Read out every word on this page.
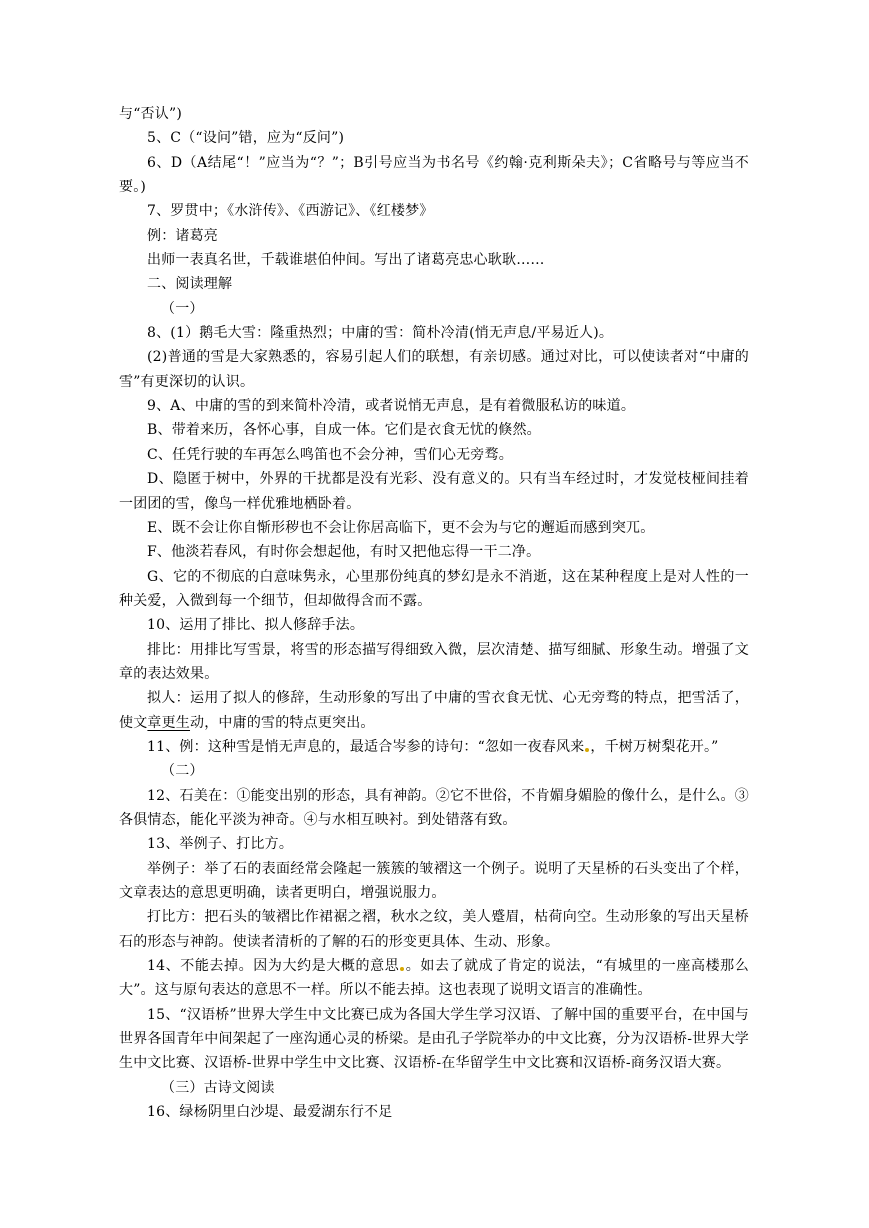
与“否认”)

5、C（“设问”错，应为“反问”)

6、D（A结尾“！”应当为“？”；B引号应当为书名号《约翰·克利斯朵夫》；C省略号与等应当不要。)

7、罗贯中；《水浒传》、《西游记》、《红楼梦》

例：诸葛亮

出师一表真名世，千载谁堪伯仲间。写出了诸葛亮忠心耿耿……

二、阅读理解

（一）

8、(1）鹅毛大雪：隆重热烈；中庸的雪：简朴冷清(悄无声息/平易近人)。

(2)普通的雪是大家熟悉的，容易引起人们的联想，有亲切感。通过对比，可以使读者对“中庸的雪”有更深切的认识。

9、A、中庸的雪的到来简朴冷清，或者说悄无声息，是有着微服私访的味道。

B、带着来历，各怀心事，自成一体。它们是衣食无忧的倏然。

C、任凭行驶的车再怎么鸣笛也不会分神，雪们心无旁骛。

D、隐匿于树中，外界的干扰都是没有光彩、没有意义的。只有当车经过时，才发觉枝桠间挂着一团团的雪，像鸟一样优雅地栖卧着。

E、既不会让你自惭形秽也不会让你居高临下，更不会为与它的邂逅而感到突兀。

F、他淡若春风，有时你会想起他，有时又把他忘得一干二净。

G、它的不彻底的白意味隽永，心里那份纯真的梦幻是永不消逝，这在某种程度上是对人性的一种关爱，入微到每一个细节，但却做得含而不露。

10、运用了排比、拟人修辞手法。

排比：用排比写雪景，将雪的形态描写得细致入微，层次清楚、描写细腻、形象生动。增强了文章的表达效果。

拟人：运用了拟人的修辞，生动形象的写出了中庸的雪衣食无忧、心无旁骛的特点，把雪活了，使文章更生动，中庸的雪的特点更突出。

11、例：这种雪是悄无声息的，最适合岑参的诗句：“忽如一夜春风来 ，千树万树梨花开。”

（二）

12、石美在：①能变出别的形态，具有神韵。②它不世俗，不肯媚身媚脸的像什么，是什么。③各俱情态，能化平淡为神奇。④与水相互映衬。到处错落有致。

13、举例子、打比方。

举例子：举了石的表面经常会隆起一簇簇的皱褶这一个例子。说明了天星桥的石头变出了个样，文章表达的意思更明确，读者更明白，增强说服力。

打比方：把石头的皱褶比作裙裾之褶，秋水之纹，美人蹙眉，枯荷向空。生动形象的写出天星桥石的形态与神韵。使读者清析的了解的石的形变更具体、生动、形象。

14、不能去掉。因为大约是大概的意思 。如去了就成了肯定的说法，“有城里的一座高楼那么大”。这与原句表达的意思不一样。所以不能去掉。这也表现了说明文语言的准确性。

15、“汉语桥”世界大学生中文比赛已成为各国大学生学习汉语、了解中国的重要平台，在中国与世界各国青年中间架起了一座沟通心灵的桥梁。是由孔子学院举办的中文比赛，分为汉语桥-世界大学生中文比赛、汉语桥-世界中学生中文比赛、汉语桥-在华留学生中文比赛和汉语桥-商务汉语大赛。

（三）古诗文阅读

16、绿杨阴里白沙堤、最爱湖东行不足
